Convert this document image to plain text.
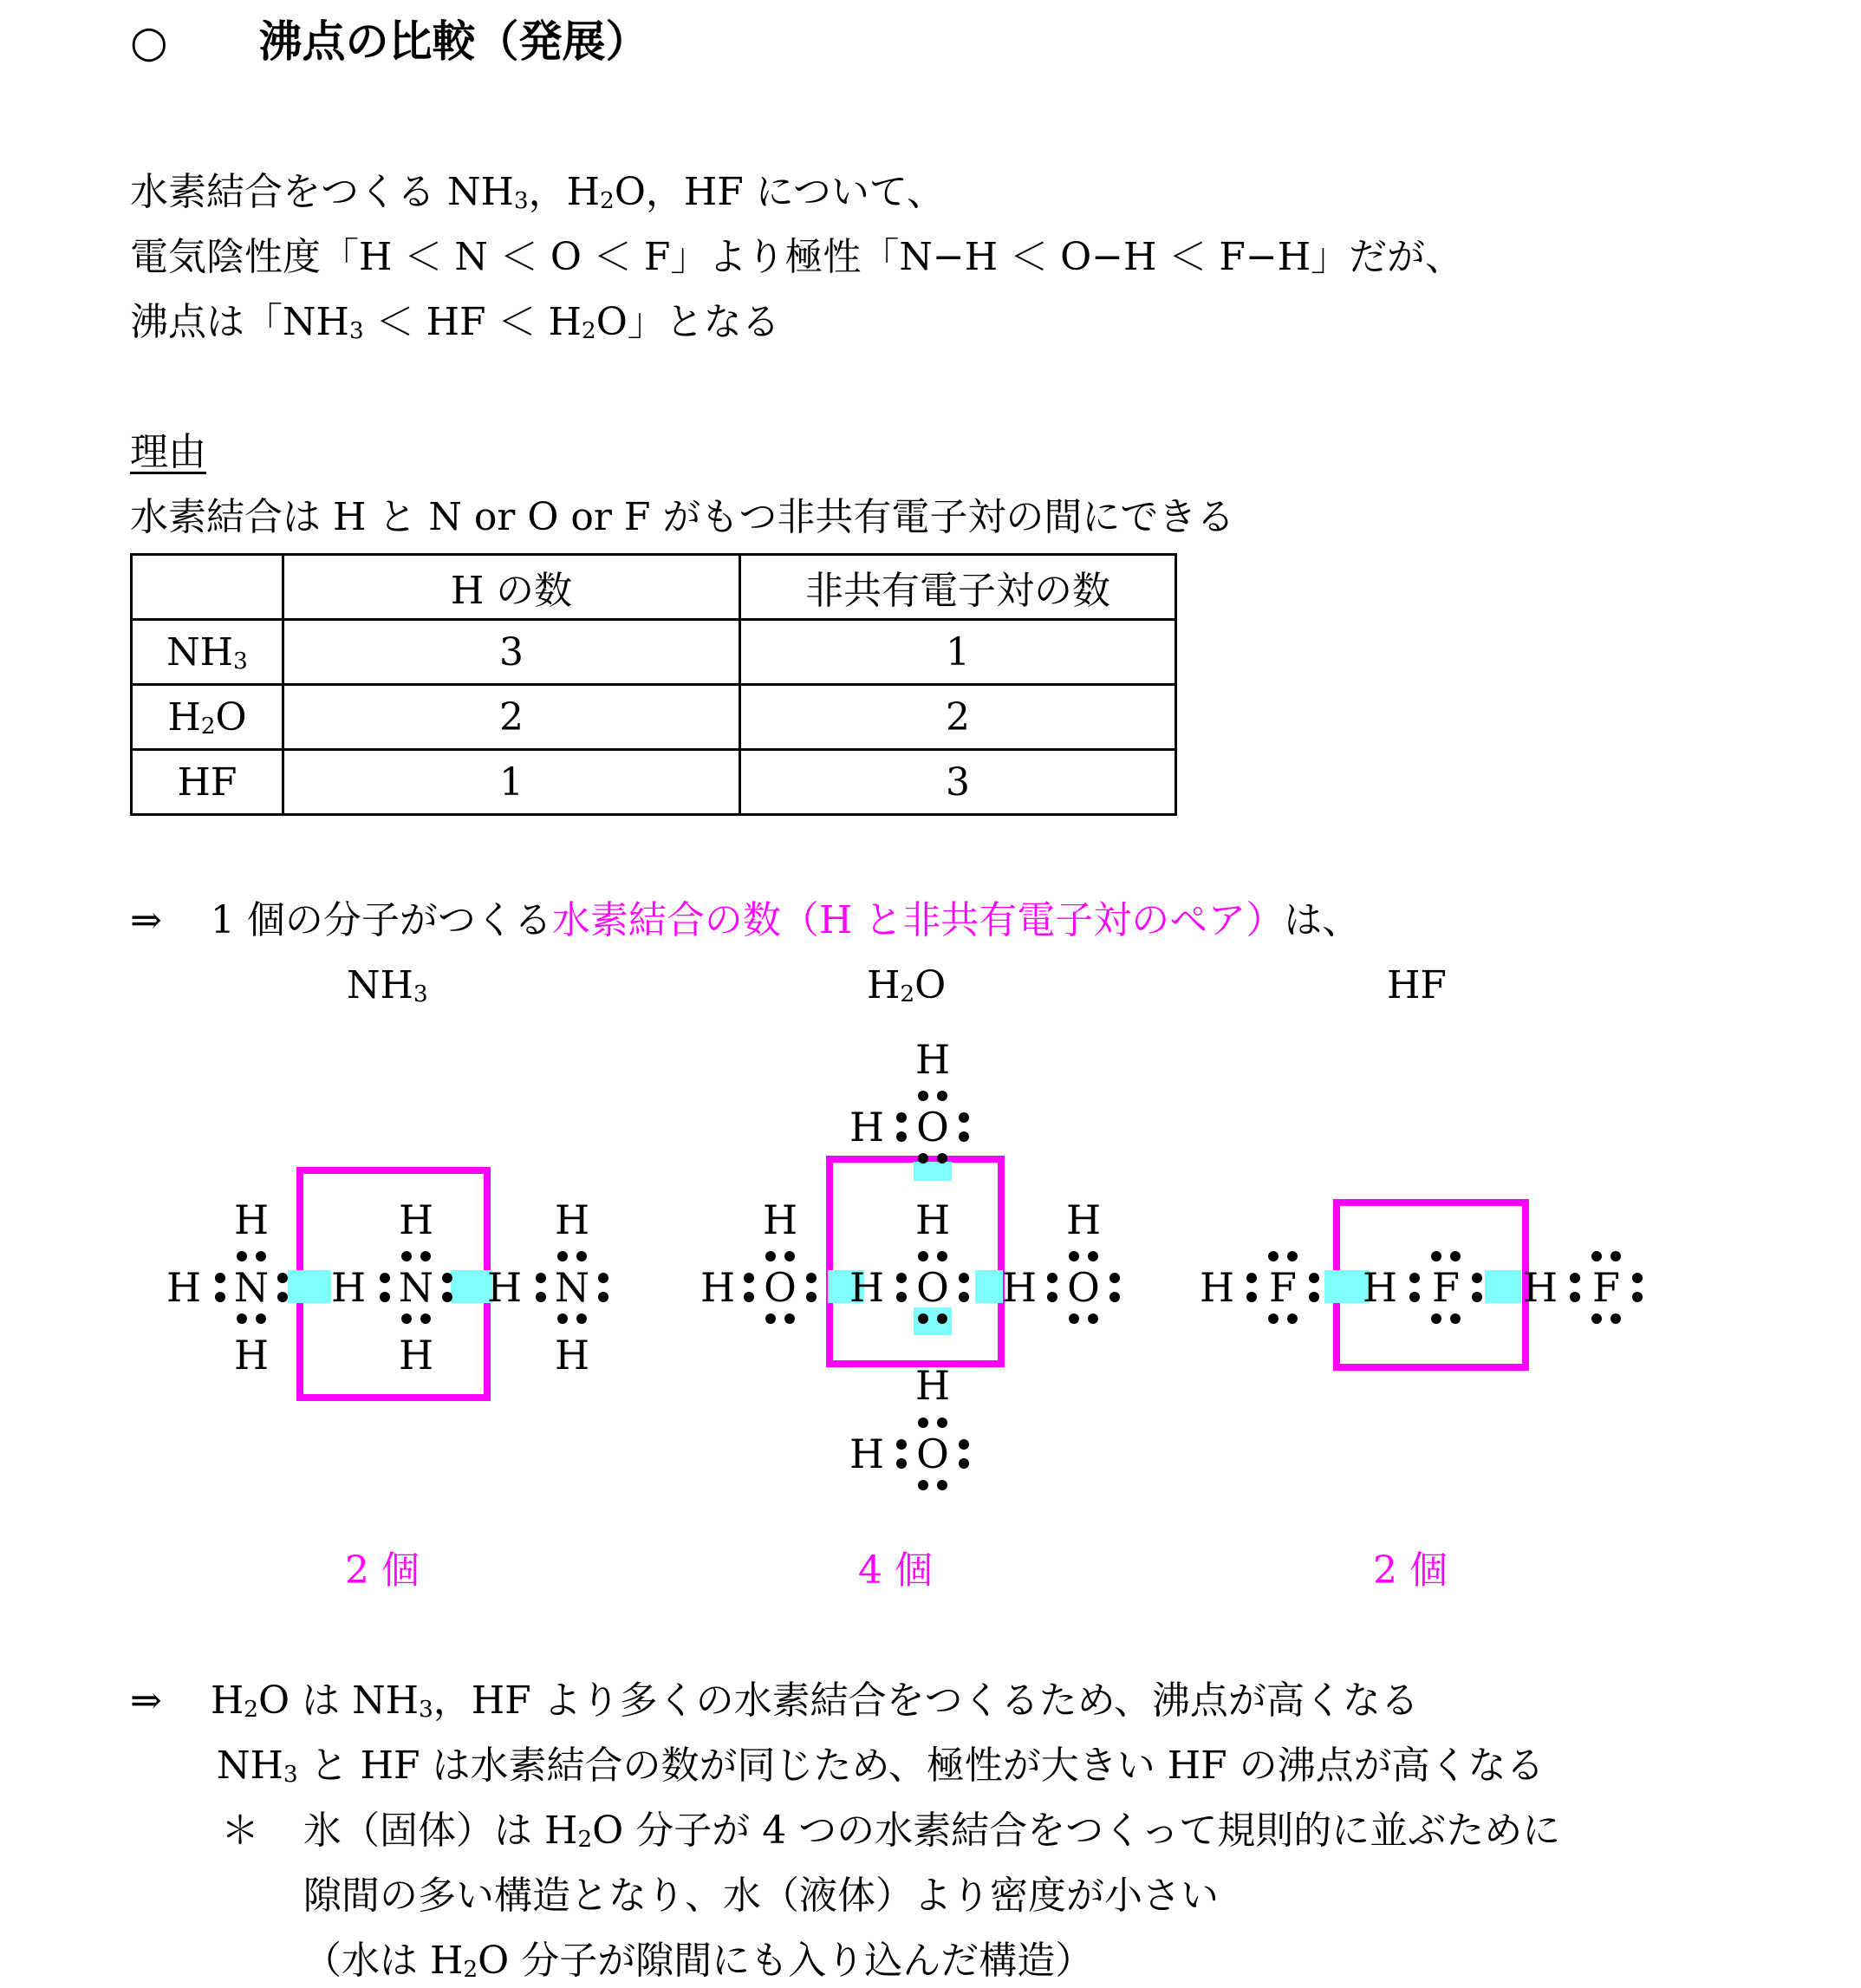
○ 沸点の比較（発展）
水素結合をつくる $NH_3$，$H_2O$，HF について、
電気陰性度「H ＜ N ＜ O ＜ F」より極性「N−H ＜ O−H ＜ F−H」だが、
沸点は「$NH_3$ ＜ HF ＜ $H_2O$」となる
理由
水素結合は H と N or O or F がもつ非共有電子対の間にできる
	H の数	非共有電子対の数
$NH_3$	3	1
$H_2O$	2	2
HF	1	3
⇒ 1 個の分子がつくる水素結合の数（H と非共有電子対のペア）は、
$NH_3$	$H_2O$	HF
N
H
H
H
N
H
H
H
N
H
H
H
O
H
H
O
H
H
O
H
H
O
H
H
O
H
H
F
H	F
H	F
H
2 個	4 個	2 個
⇒ $H_2O$ は $NH_3$，HF より多くの水素結合をつくるため、沸点が高くなる
$NH_3$ と HF は水素結合の数が同じため、極性が大きい HF の沸点が高くなる
＊ 氷（固体）は $H_2O$ 分子が 4 つの水素結合をつくって規則的に並ぶために
隙間の多い構造となり、水（液体）より密度が小さい
（水は $H_2O$ 分子が隙間にも入り込んだ構造）
